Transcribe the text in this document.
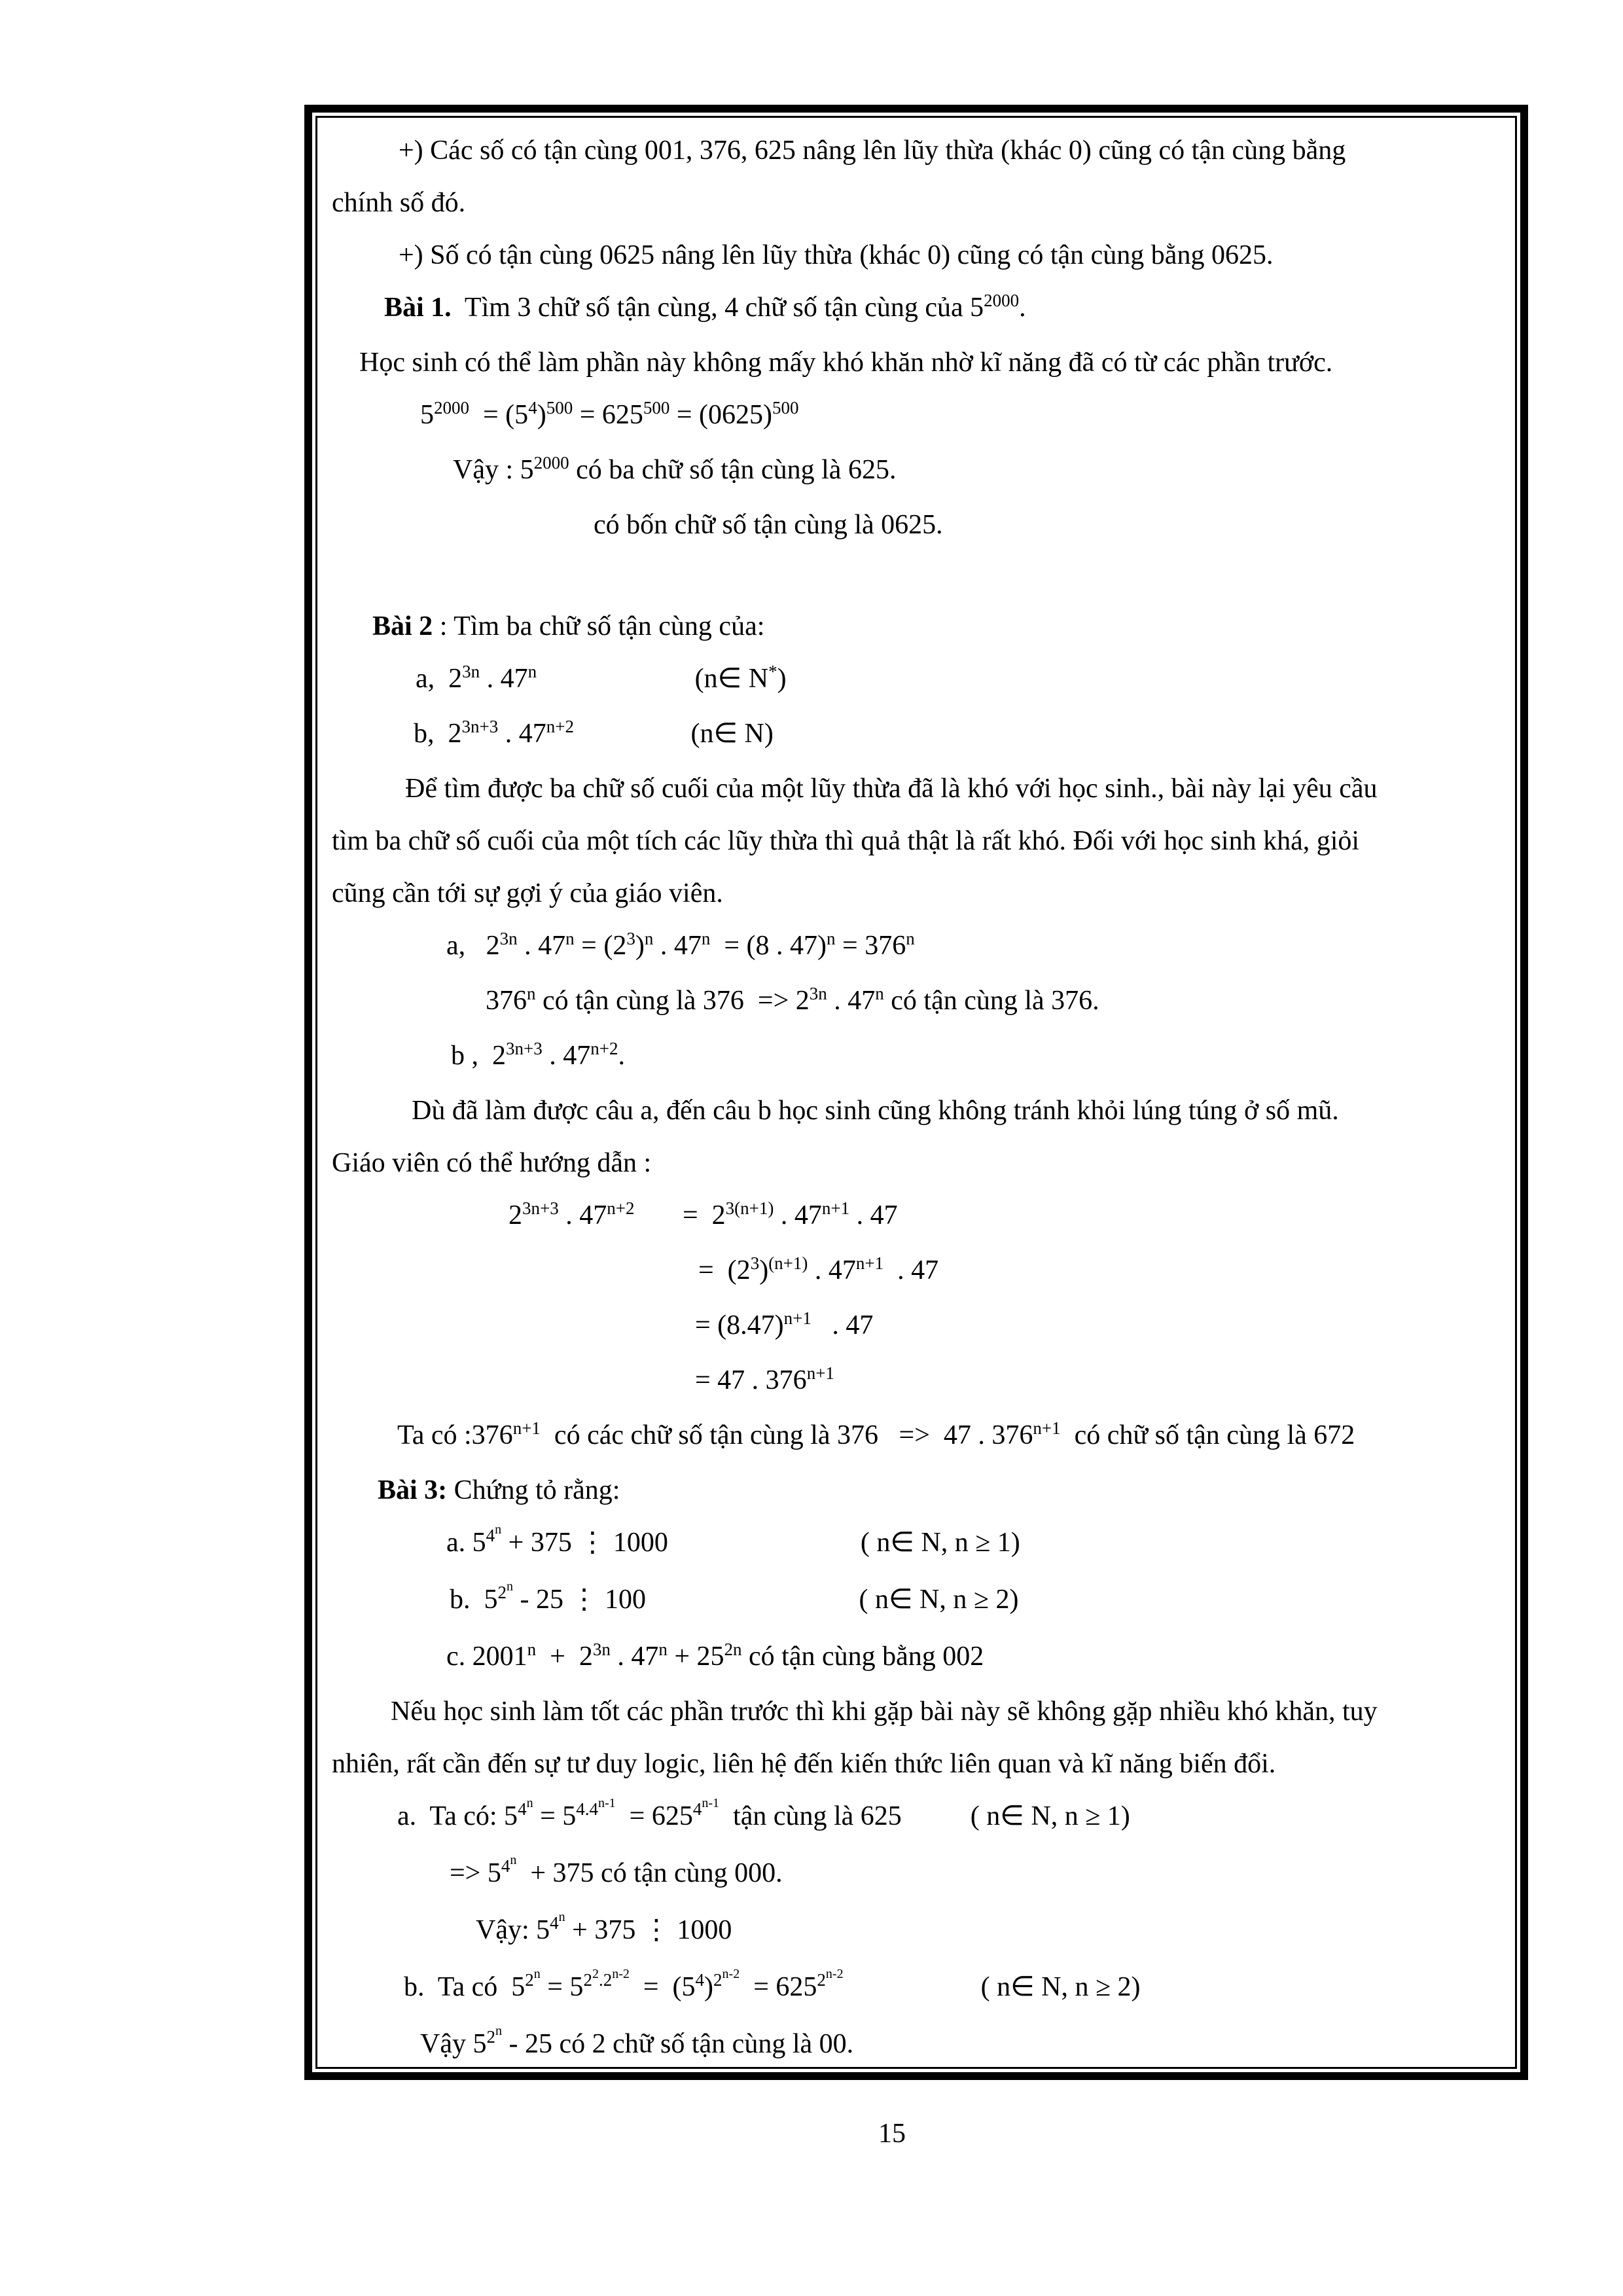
+) Các số có tận cùng 001, 376, 625 nâng lên lũy thừa (khác 0) cũng có tận cùng bằng
chính số đó.
+) Số có tận cùng 0625 nâng lên lũy thừa (khác 0) cũng có tận cùng bằng 0625.
Bài 1.  Tìm 3 chữ số tận cùng, 4 chữ số tận cùng của $5^{2000}$.
Học sinh có thể làm phần này không mấy khó khăn nhờ kĩ năng đã có từ các phần trước.
$5^{2000} = (5^4)^{500} = 625^{500} = (0625)^{500}$
Vậy : $5^{2000}$ có ba chữ số tận cùng là 625.
có bốn chữ số tận cùng là 0625.
Bài 2 : Tìm ba chữ số tận cùng của:
a,  $2^{3n}$ . 47$^n$                       (n∈ N*)
b,  $2^{3n+3}$ . $47^{n+2}$                 (n∈ N)
Để tìm được ba chữ số cuối của một lũy thừa đã là khó với học sinh., bài này lại yêu cầu
tìm ba chữ số cuối của một tích các lũy thừa thì quả thật là rất khó. Đối với học sinh khá, giỏi
cũng cần tới sự gợi ý của giáo viên.
a,   $2^{3n}$ . $47^n = (2^3)^n$ . 47$^n$  = (8 . $47)^n = 376^n$
376$^n$ có tận cùng là $376 => 2^{3n}$ . 47$^n$ có tận cùng là 376.
b ,  $2^{3n+3}$ . $47^{n+2}$.
Dù đã làm được câu a, đến câu b học sinh cũng không tránh khỏi lúng túng ở số mũ.
Giáo viên có thể hướng dẫn :
$2^{3n+3}$ . $47^{n+2}$       =  $2^{3(n+1)}$ . $47^{n+1}$ . 47
=  $(2^3)^{(n+1)}$ . $47^{n+1}$  . 47
= $(8.47)^{n+1}$   . 47
= 47 . $376^{n+1}$
Ta có $:376^{n+1}$  có các chữ số tận cùng là 376   =>  47 . $376^{n+1}$  có chữ số tận cùng là 672
Bài 3: Chứng tỏ rằng:
a. $5^{4n} + 375$ ⋮ 1000                            ( n∈ N, n ≥ 1)
b.  $5^{2n} - 25$ ⋮ 100                               ( n∈ N, n ≥ 2)
c. $2001^n + 2^{3n}$ . $47^n + 25^{2n}$ có tận cùng bằng 002
Nếu học sinh làm tốt các phần trước thì khi gặp bài này sẽ không gặp nhiều khó khăn, tuy
nhiên, rất cần đến sự tư duy logic, liên hệ đến kiến thức liên quan và kĩ năng biến đổi.
a.  Ta có: $5^{4n} = 5^{4.4n-1} = 625^{4n-1}$  tận cùng là 625          ( n∈ N, n ≥ 1)
=> $5^{4n} + 375$ có tận cùng 000.
Vậy: $5^{4n} + 375$ ⋮ 1000
b.  Ta có  $5^{2n} = 5^{22.2n-2} = (5^4)^{2n-2} = 625^{2n-2}$                    ( n∈ N, n ≥ 2)
Vậy $5^{2n} - 25$ có 2 chữ số tận cùng là 00.
15
